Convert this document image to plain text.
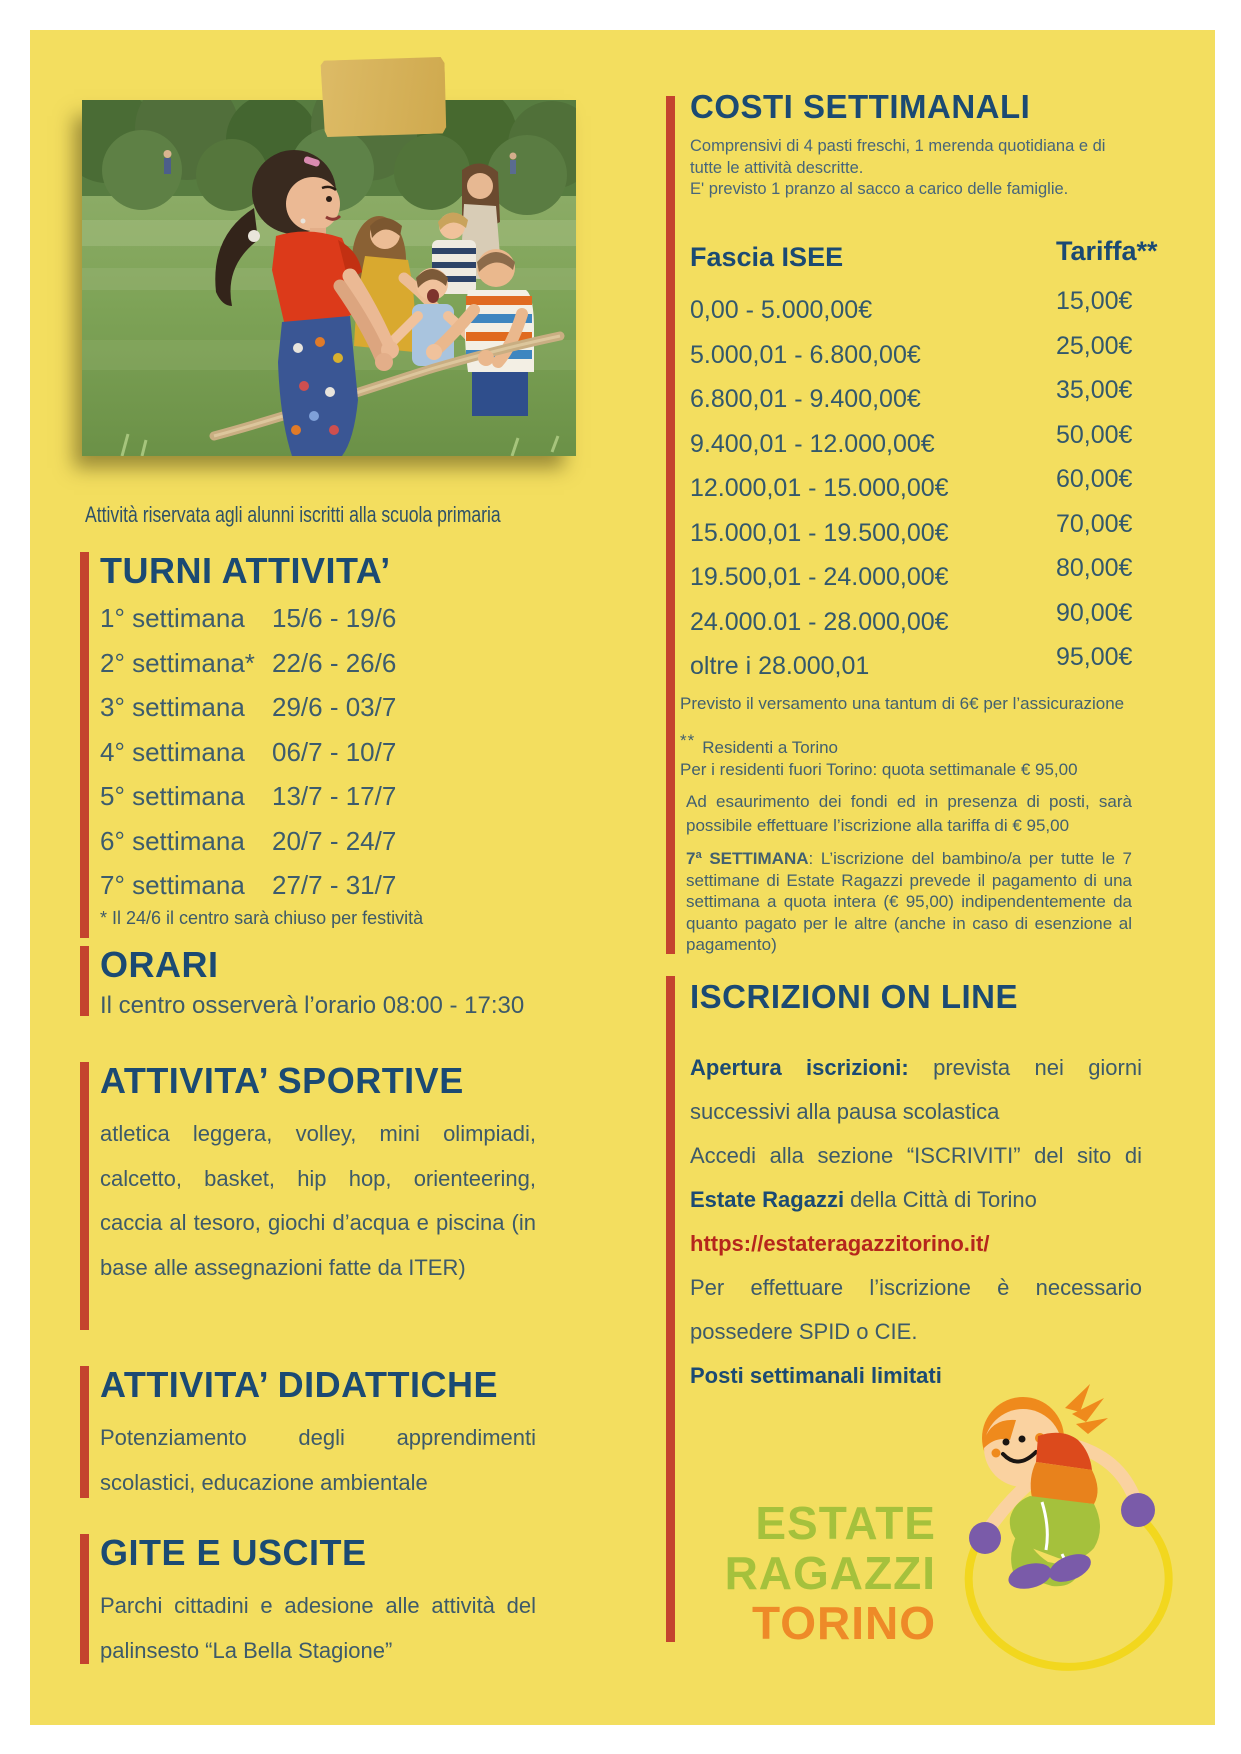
Attività riservata agli alunni iscritti alla scuola primaria
TURNI ATTIVITA’
1° settimana 15/6 - 19/6
2° settimana* 22/6 - 26/6
3° settimana 29/6 - 03/7
4° settimana 06/7 - 10/7
5° settimana 13/7 - 17/7
6° settimana 20/7 - 24/7
7° settimana 27/7 - 31/7
* Il 24/6 il centro sarà chiuso per festività
ORARI
Il centro osserverà l’orario 08:00 - 17:30
ATTIVITA’ SPORTIVE
atletica leggera, volley, mini olimpiadi, calcetto, basket, hip hop, orienteering, caccia al tesoro, giochi d’acqua e piscina (in base alle assegnazioni fatte da ITER)
ATTIVITA’ DIDATTICHE
Potenziamento degli apprendimenti scolastici, educazione ambientale
GITE E USCITE
Parchi cittadini e adesione alle attività del palinsesto “La Bella Stagione”
COSTI SETTIMANALI
Comprensivi di 4 pasti freschi, 1 merenda quotidiana e di
tutte le attività descritte.
E' previsto 1 pranzo al sacco a carico delle famiglie.
Fascia ISEE	Tariffa**
0,00 - 5.000,00€	15,00€
5.000,01 - 6.800,00€	25,00€
6.800,01 - 9.400,00€	35,00€
9.400,01 - 12.000,00€	50,00€
12.000,01 - 15.000,00€	60,00€
15.000,01 - 19.500,00€	70,00€
19.500,01 - 24.000,00€	80,00€
24.000.01 - 28.000,00€	90,00€
oltre i 28.000,01	95,00€
Previsto il versamento una tantum di 6€ per l’assicurazione
** Residenti a Torino
Per i residenti fuori Torino: quota settimanale € 95,00
Ad esaurimento dei fondi ed in presenza di posti, sarà possibile effettuare l’iscrizione alla tariffa di € 95,00
7ª SETTIMANA: L’iscrizione del bambino/a per tutte le 7 settimane di Estate Ragazzi prevede il pagamento di una settimana a quota intera (€ 95,00) indipendentemente da quanto pagato per le altre (anche in caso di esenzione al pagamento)
ISCRIZIONI ON LINE

Apertura iscrizioni: prevista nei giorni successivi alla pausa scolastica

Accedi alla sezione “ISCRIVITI” del sito di Estate Ragazzi della Città di Torino

https://estateragazzitorino.it/

Per effettuare l’iscrizione è necessario possedere SPID o CIE.

Posti settimanali limitati

ESTATE
RAGAZZI
TORINO
